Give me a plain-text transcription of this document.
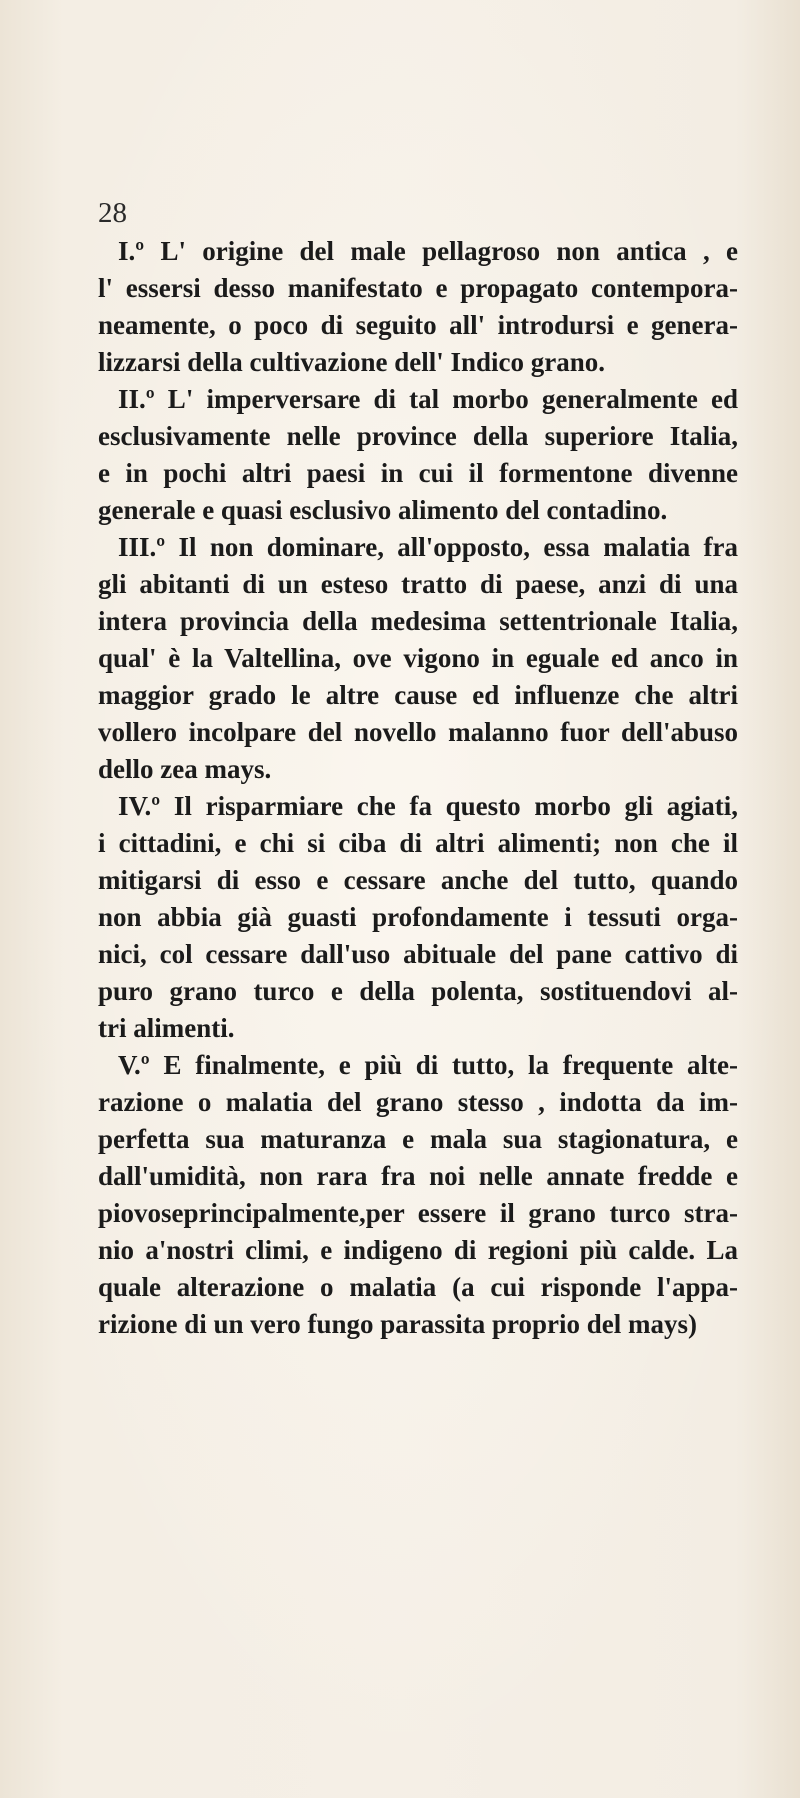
28

I.º L' origine del male pellagroso non antica , e
l' essersi desso manifestato e propagato contempora-
neamente, o poco di seguito all' introdursi e genera-
lizzarsi della cultivazione dell' Indico grano.

II.º L' imperversare di tal morbo generalmente ed
esclusivamente nelle province della superiore Italia,
e in pochi altri paesi in cui il formentone divenne
generale e quasi esclusivo alimento del contadino.

III.º Il non dominare, all'opposto, essa malatia fra
gli abitanti di un esteso tratto di paese, anzi di una
intera provincia della medesima settentrionale Italia,
qual' è la Valtellina, ove vigono in eguale ed anco in
maggior grado le altre cause ed influenze che altri
vollero incolpare del novello malanno fuor dell'abuso
dello zea mays.

IV.º Il risparmiare che fa questo morbo gli agiati,
i cittadini, e chi si ciba di altri alimenti; non che il
mitigarsi di esso e cessare anche del tutto, quando
non abbia già guasti profondamente i tessuti orga-
nici, col cessare dall'uso abituale del pane cattivo di
puro grano turco e della polenta, sostituendovi al-
tri alimenti.

V.º E finalmente, e più di tutto, la frequente alte-
razione o malatia del grano stesso , indotta da im-
perfetta sua maturanza e mala sua stagionatura, e
dall'umidità, non rara fra noi nelle annate fredde e
piovoseprincipalmente,per essere il grano turco stra-
nio a'nostri climi, e indigeno di regioni più calde. La
quale alterazione o malatia (a cui risponde l'appa-
rizione di un vero fungo parassita proprio del mays)
